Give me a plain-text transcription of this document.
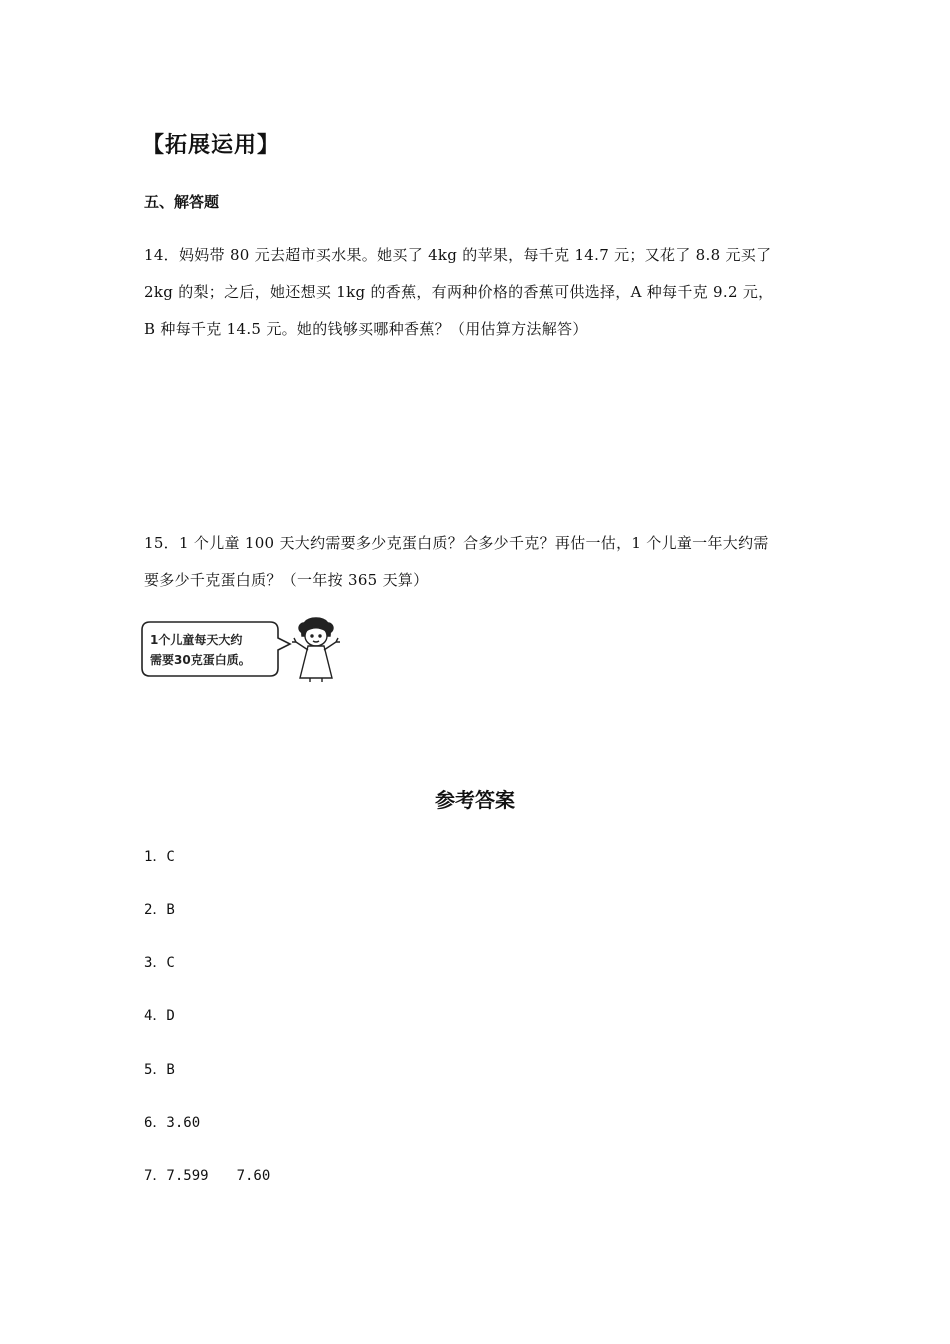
【拓展运用】
五、解答题
14．妈妈带 80 元去超市买水果。她买了 4kg 的苹果，每千克 14.7 元；又花了 8.8 元买了
2kg 的梨；之后，她还想买 1kg 的香蕉，有两种价格的香蕉可供选择，A 种每千克 9.2 元，
B 种每千克 14.5 元。她的钱够买哪种香蕉？（用估算方法解答）
15．1 个儿童 100 天大约需要多少克蛋白质？合多少千克？再估一估，1 个儿童一年大约需
要多少千克蛋白质？（一年按 365 天算）
1个儿童每天大约
需要30克蛋白质。
参考答案
1．C
2．B
3．C
4．D
5．B
6．3.60
7．7.599　　7.60
